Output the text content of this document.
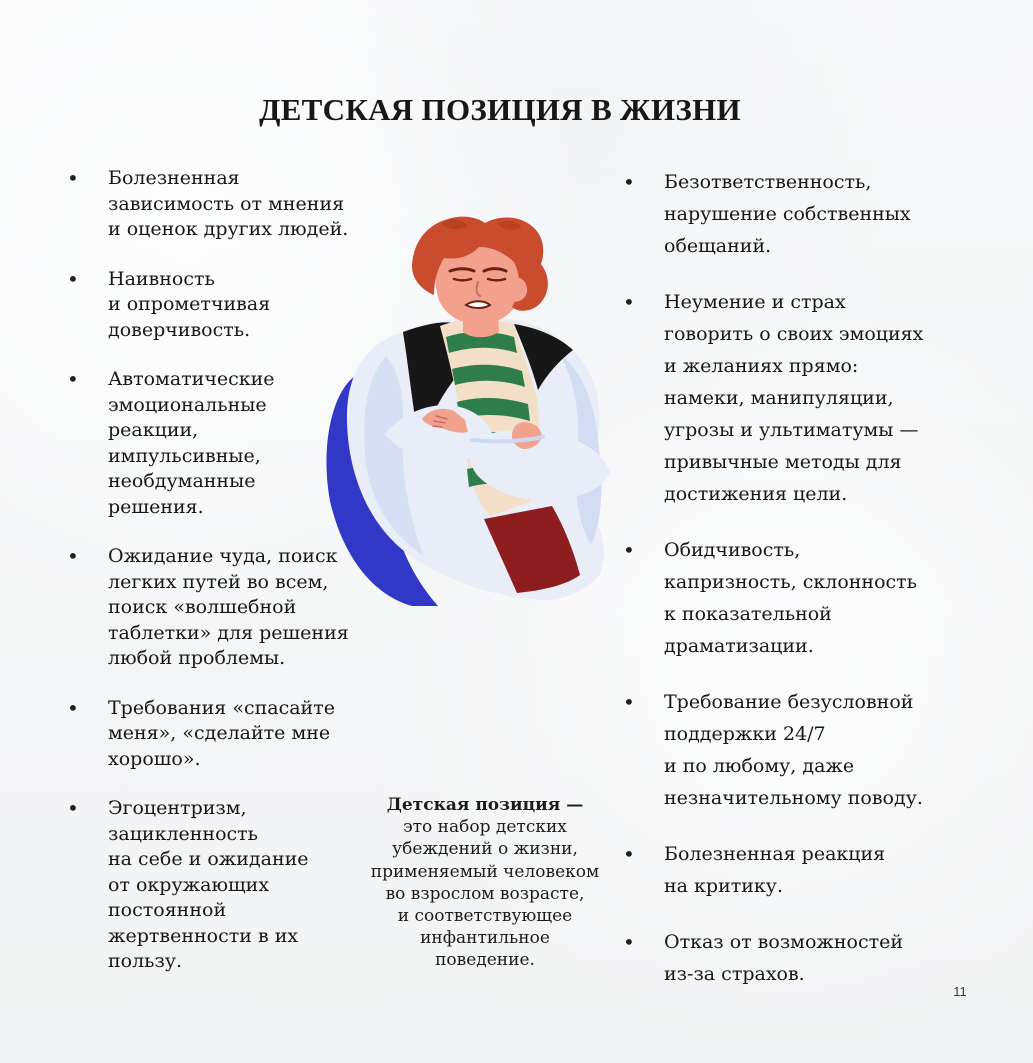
ДЕТСКАЯ ПОЗИЦИЯ В ЖИЗНИ
•	Болезненная
зависимость от мнения
и оценок других людей.
•	Наивность
и опрометчивая
доверчивость.
•	Автоматические
эмоциональные
реакции,
импульсивные,
необдуманные
решения.
•	Ожидание чуда, поиск
легких путей во всем,
поиск «волшебной
таблетки» для решения
любой проблемы.
•	Требования «спасайте
меня», «сделайте мне
хорошо».
•	Эгоцентризм,
зацикленность
на себе и ожидание
от окружающих
постоянной
жертвенности в их
пользу.
•	Безответственность,
нарушение собственных
обещаний.
•	Неумение и страх
говорить о своих эмоциях
и желаниях прямо:
намеки, манипуляции,
угрозы и ультиматумы —
привычные методы для
достижения цели.
•	Обидчивость,
капризность, склонность
к показательной
драматизации.
•	Требование безусловной
поддержки 24/7
и по любому, даже
незначительному поводу.
•	Болезненная реакция
на критику.
•	Отказ от возможностей
из-за страхов.
Детская позиция —
это набор детских
убеждений о жизни,
применяемый человеком
во взрослом возрасте,
и соответствующее
инфантильное
поведение.
11
